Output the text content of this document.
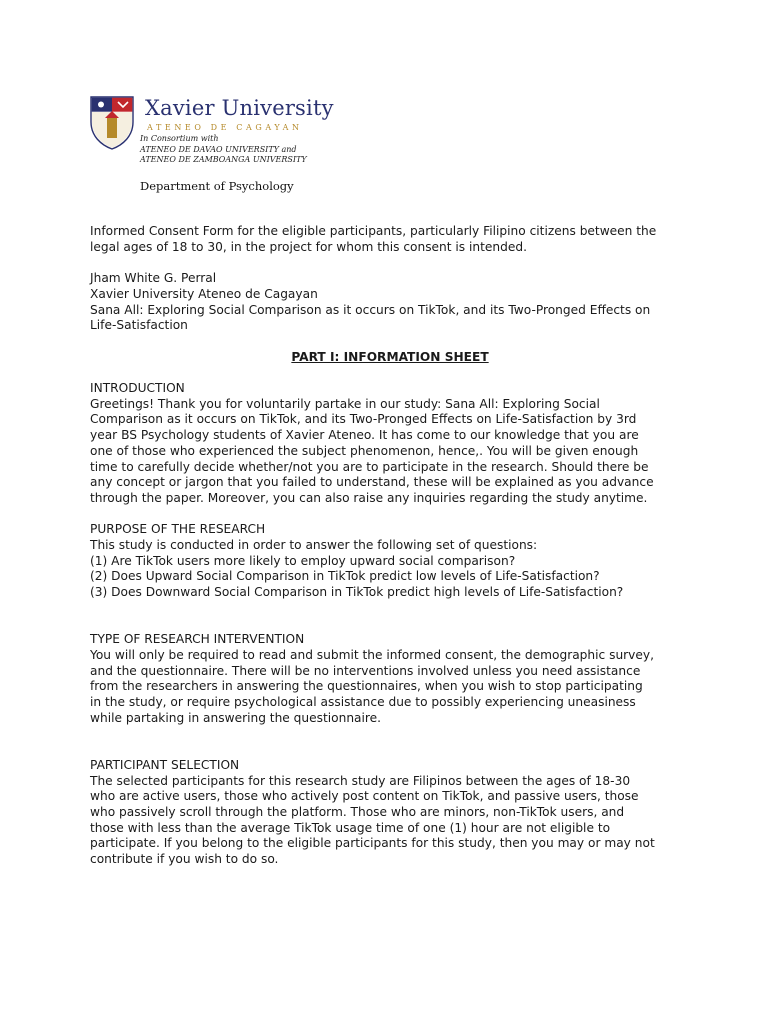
Xavier University
ATENEO DE CAGAYAN
In Consortium with
ATENEO DE DAVAO UNIVERSITY and
ATENEO DE ZAMBOANGA UNIVERSITY
Department of Psychology

Informed Consent Form for the eligible participants, particularly Filipino citizens between the
legal ages of 18 to 30, in the project for whom this consent is intended.

Jham White G. Perral
Xavier University Ateneo de Cagayan
Sana All: Exploring Social Comparison as it occurs on TikTok, and its Two-Pronged Effects on
Life-Satisfaction

PART I: INFORMATION SHEET

INTRODUCTION
Greetings! Thank you for voluntarily partake in our study: Sana All: Exploring Social
Comparison as it occurs on TikTok, and its Two-Pronged Effects on Life-Satisfaction by 3rd
year BS Psychology students of Xavier Ateneo. It has come to our knowledge that you are
one of those who experienced the subject phenomenon, hence,. You will be given enough
time to carefully decide whether/not you are to participate in the research. Should there be
any concept or jargon that you failed to understand, these will be explained as you advance
through the paper. Moreover, you can also raise any inquiries regarding the study anytime.
PURPOSE OF THE RESEARCH
This study is conducted in order to answer the following set of questions:
(1) Are TikTok users more likely to employ upward social comparison?
(2) Does Upward Social Comparison in TikTok predict low levels of Life-Satisfaction?
(3) Does Downward Social Comparison in TikTok predict high levels of Life-Satisfaction?
TYPE OF RESEARCH INTERVENTION
You will only be required to read and submit the informed consent, the demographic survey,
and the questionnaire. There will be no interventions involved unless you need assistance
from the researchers in answering the questionnaires, when you wish to stop participating
in the study, or require psychological assistance due to possibly experiencing uneasiness
while partaking in answering the questionnaire.
PARTICIPANT SELECTION
The selected participants for this research study are Filipinos between the ages of 18-30
who are active users, those who actively post content on TikTok, and passive users, those
who passively scroll through the platform. Those who are minors, non-TikTok users, and
those with less than the average TikTok usage time of one (1) hour are not eligible to
participate. If you belong to the eligible participants for this study, then you may or may not
contribute if you wish to do so.
